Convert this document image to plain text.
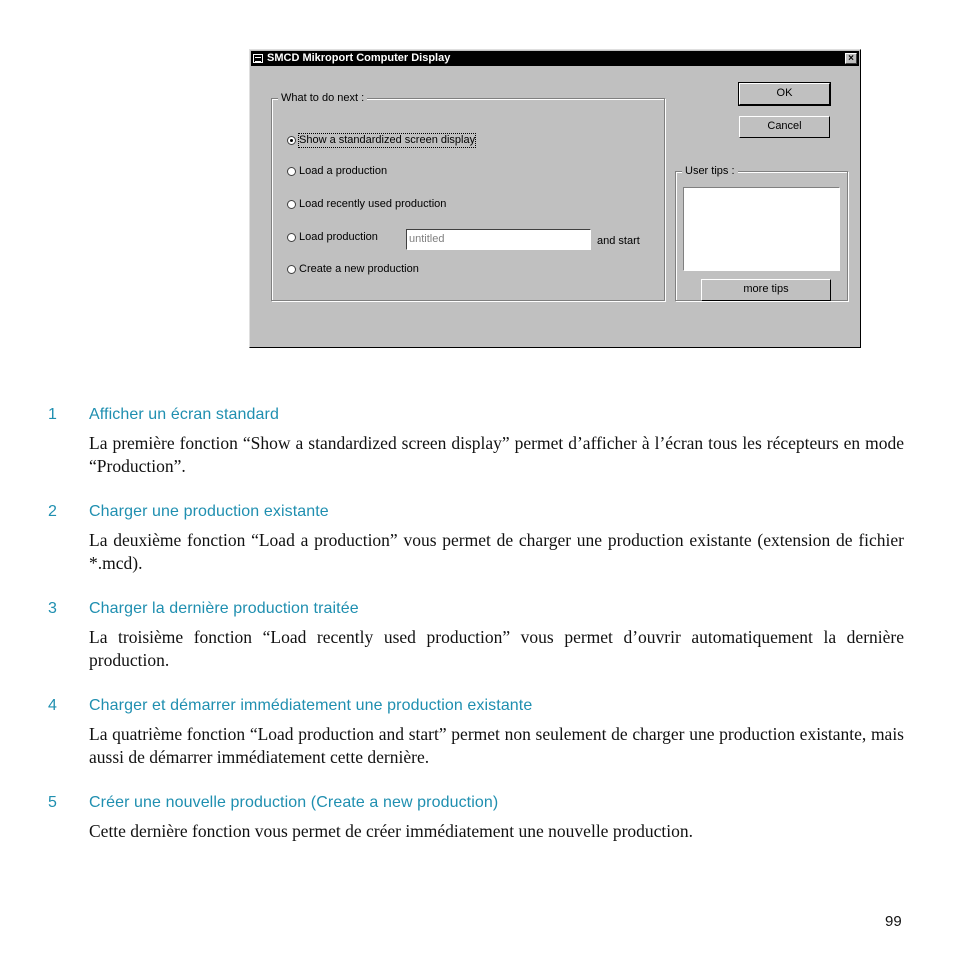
SMCD Mikroport Computer Display	×
What to do next :
Show a standardized screen display
Load a production
Load recently used production
Load production	untitled	and start
Create a new production
OK
Cancel
User tips :
more tips
1 Afficher un écran standard
La première fonction “Show a standardized screen display” permet d’afficher à l’écran tous les récepteurs en mode “Production”.
2 Charger une production existante
La deuxième fonction “Load a production” vous permet de charger une production existante (extension de fichier *.mcd).
3 Charger la dernière production traitée
La troisième fonction “Load recently used production” vous permet d’ouvrir automatiquement la dernière production.
4 Charger et démarrer immédiatement une production existante
La quatrième fonction “Load production and start” permet non seulement de charger une production existante, mais aussi de démarrer immédiatement cette dernière.
5 Créer une nouvelle production (Create a new production)
Cette dernière fonction vous permet de créer immédiatement une nouvelle production.
99
